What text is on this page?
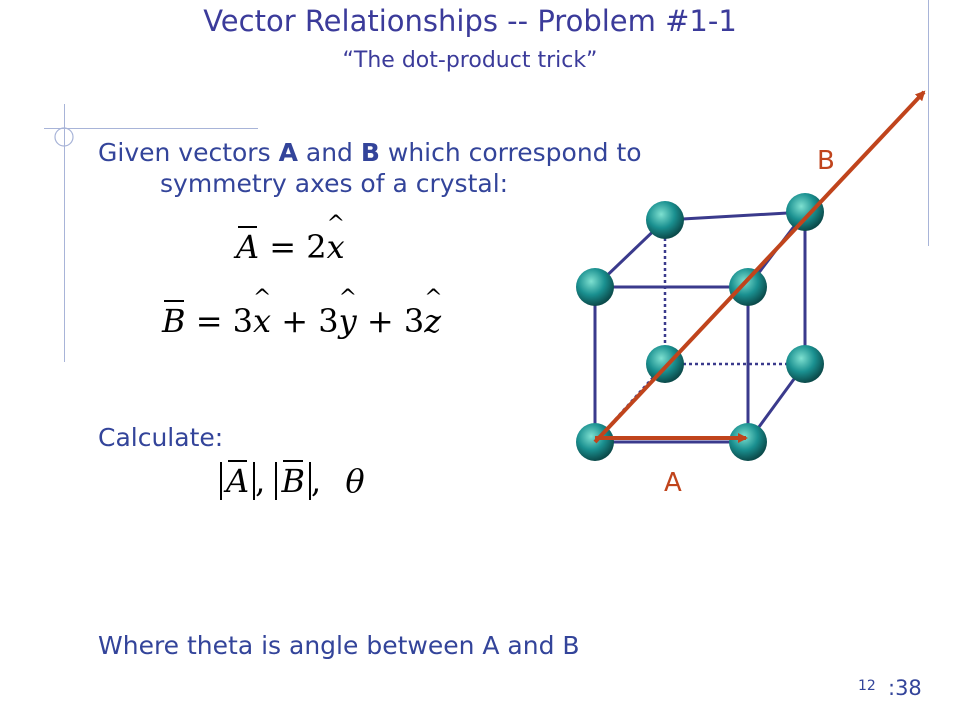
Vector Relationships -- Problem #1-1
“The dot-product trick”
Given vectors A and B which correspond to
symmetry axes of a crystal:
A = 2^ x
B = 3^ x + 3^ y + 3^ z
Calculate:
A , B , θ
Where theta is angle between A and B
A
B
12 :38
